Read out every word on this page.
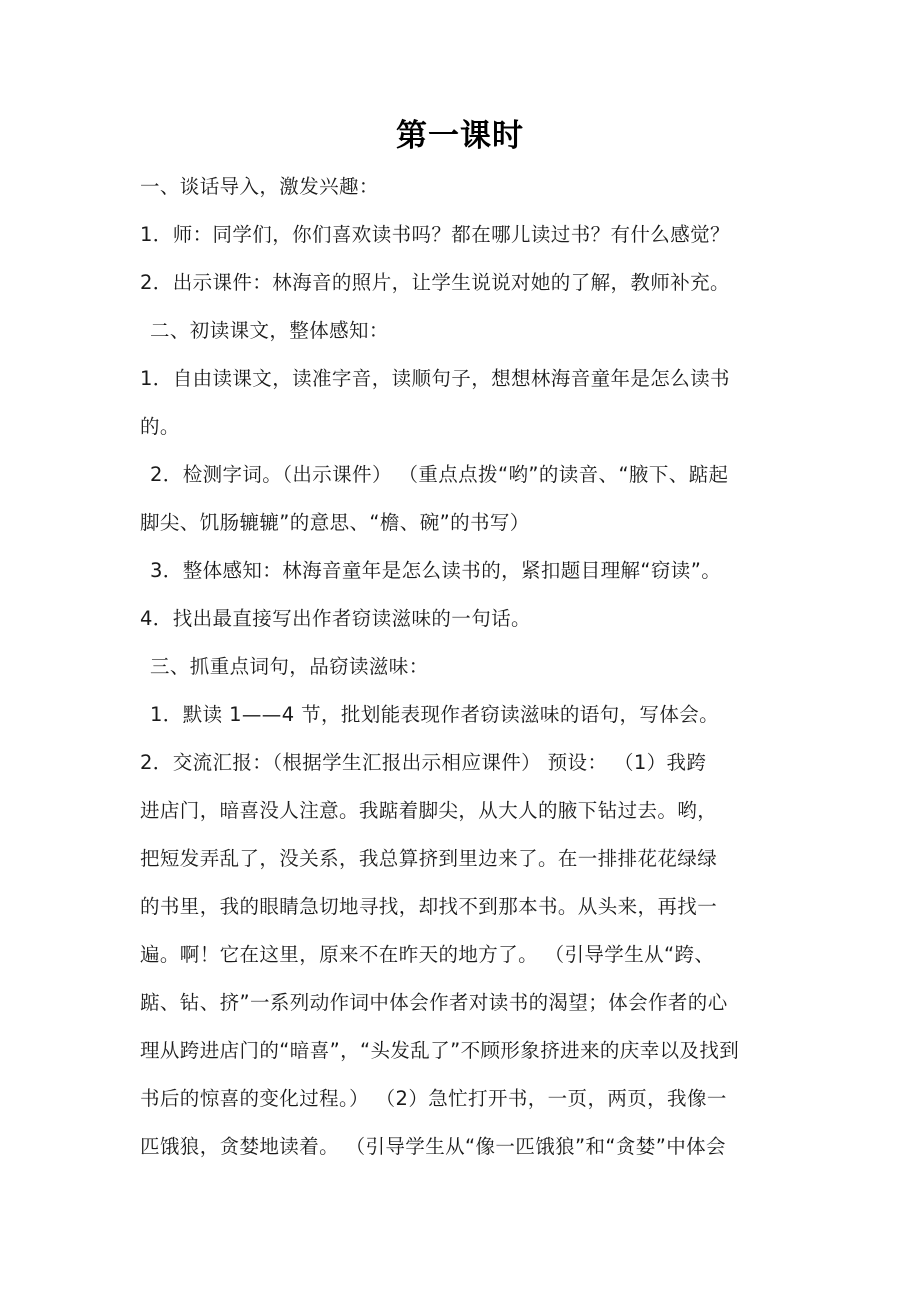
第一课时
一、谈话导入，激发兴趣：
1．师：同学们，你们喜欢读书吗？都在哪儿读过书？有什么感觉？
2．出示课件：林海音的照片，让学生说说对她的了解，教师补充。
二、初读课文，整体感知：
1．自由读课文，读准字音，读顺句子，想想林海音童年是怎么读书
的。
2．检测字词。（出示课件） （重点点拨“哟”的读音、“腋下、踮起
脚尖、饥肠辘辘”的意思、“檐、碗”的书写）
3．整体感知：林海音童年是怎么读书的，紧扣题目理解“窃读”。
4．找出最直接写出作者窃读滋味的一句话。
三、抓重点词句，品窃读滋味：
1．默读 1——4 节，批划能表现作者窃读滋味的语句，写体会。
2．交流汇报：（根据学生汇报出示相应课件） 预设： （1）我跨
进店门，暗喜没人注意。我踮着脚尖，从大人的腋下钻过去。哟，
把短发弄乱了，没关系，我总算挤到里边来了。在一排排花花绿绿
的书里，我的眼睛急切地寻找，却找不到那本书。从头来，再找一
遍。啊！它在这里，原来不在昨天的地方了。 （引导学生从“跨、
踮、钻、挤”一系列动作词中体会作者对读书的渴望；体会作者的心
理从跨进店门的“暗喜”，“头发乱了”不顾形象挤进来的庆幸以及找到
书后的惊喜的变化过程。） （2）急忙打开书，一页，两页，我像一
匹饿狼，贪婪地读着。 （引导学生从“像一匹饿狼”和“贪婪”中体会
